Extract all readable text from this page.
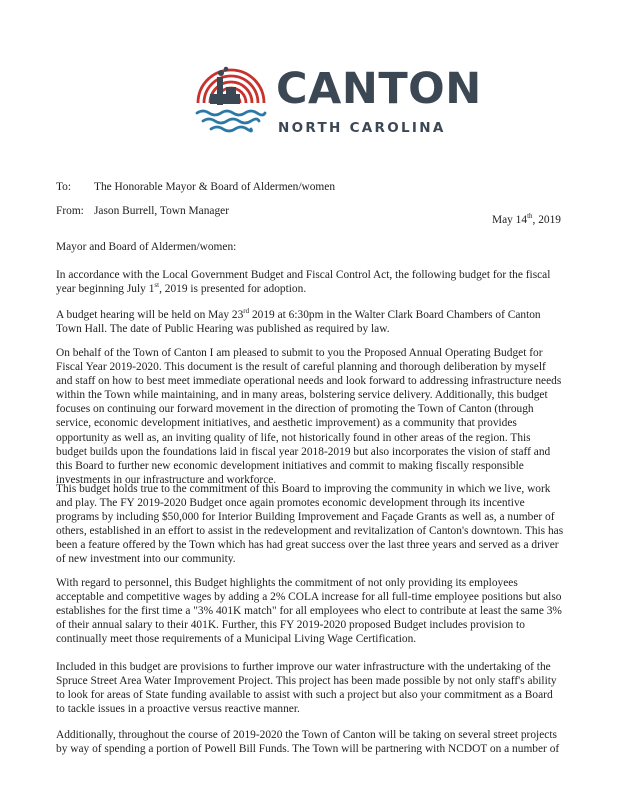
CANTON
NORTH CAROLINA
To: The Honorable Mayor & Board of Aldermen/women
From: Jason Burrell, Town Manager
May 14th, 2019
Mayor and Board of Aldermen/women:

In accordance with the Local Government Budget and Fiscal Control Act, the following budget for the fiscal year beginning July 1st, 2019 is presented for adoption.

A budget hearing will be held on May 23rd 2019 at 6:30pm in the Walter Clark Board Chambers of Canton Town Hall. The date of Public Hearing was published as required by law.

On behalf of the Town of Canton I am pleased to submit to you the Proposed Annual Operating Budget for Fiscal Year 2019-2020. This document is the result of careful planning and thorough deliberation by myself and staff on how to best meet immediate operational needs and look forward to addressing infrastructure needs within the Town while maintaining, and in many areas, bolstering service delivery. Additionally, this budget focuses on continuing our forward movement in the direction of promoting the Town of Canton (through service, economic development initiatives, and aesthetic improvement) as a community that provides opportunity as well as, an inviting quality of life, not historically found in other areas of the region. This budget builds upon the foundations laid in fiscal year 2018-2019 but also incorporates the vision of staff and this Board to further new economic development initiatives and commit to making fiscally responsible investments in our infrastructure and workforce.

This budget holds true to the commitment of this Board to improving the community in which we live, work and play. The FY 2019-2020 Budget once again promotes economic development through its incentive programs by including $50,000 for Interior Building Improvement and Façade Grants as well as, a number of others, established in an effort to assist in the redevelopment and revitalization of Canton's downtown. This has been a feature offered by the Town which has had great success over the last three years and served as a driver of new investment into our community.

With regard to personnel, this Budget highlights the commitment of not only providing its employees acceptable and competitive wages by adding a 2% COLA increase for all full-time employee positions but also establishes for the first time a "3% 401K match" for all employees who elect to contribute at least the same 3% of their annual salary to their 401K. Further, this FY 2019-2020 proposed Budget includes provision to continually meet those requirements of a Municipal Living Wage Certification.

Included in this budget are provisions to further improve our water infrastructure with the undertaking of the Spruce Street Area Water Improvement Project. This project has been made possible by not only staff's ability to look for areas of State funding available to assist with such a project but also your commitment as a Board to tackle issues in a proactive versus reactive manner.

Additionally, throughout the course of 2019-2020 the Town of Canton will be taking on several street projects by way of spending a portion of Powell Bill Funds. The Town will be partnering with NCDOT on a number of
